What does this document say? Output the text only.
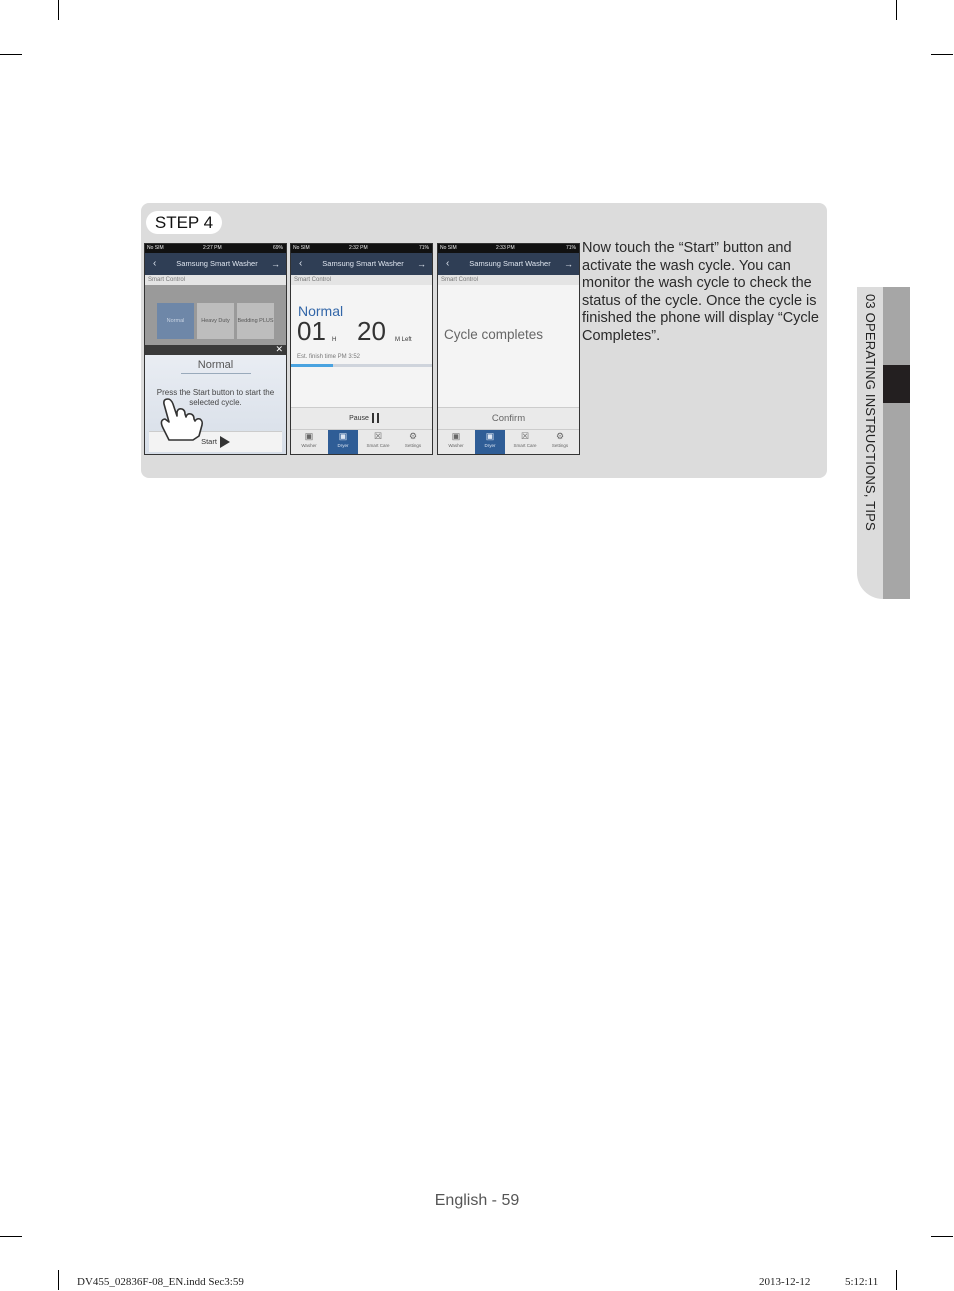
STEP 4
Now touch the “Start” button and activate the wash cycle. You can monitor the wash cycle to check the status of the cycle. Once the cycle is finished the phone will display “Cycle Completes”.
No SIM	2:27 PM	69%
‹	Samsung Smart Washer	→
Smart Control
Normal	Heavy Duty	Bedding PLUS
✕
Normal
Press the Start button to start the selected cycle.
Start
No SIM	2:32 PM	71%
‹	Samsung Smart Washer	→
Smart Control
Normal
01 H 20 M Left
Est. finish time PM 3:52
Pause
▣
Washer
▣
Dryer
☒
Smart Care
⚙
Settings
No SIM	2:33 PM	71%
‹	Samsung Smart Washer	→
Smart Control
Cycle completes
Confirm
▣
Washer
▣
Dryer
☒
Smart Care
⚙
Settings	03 OPERATING INSTRUCTIONS, TIPS
English - 59
DV455_02836F-08_EN.indd Sec3:59	2013-12-12	5:12:11
